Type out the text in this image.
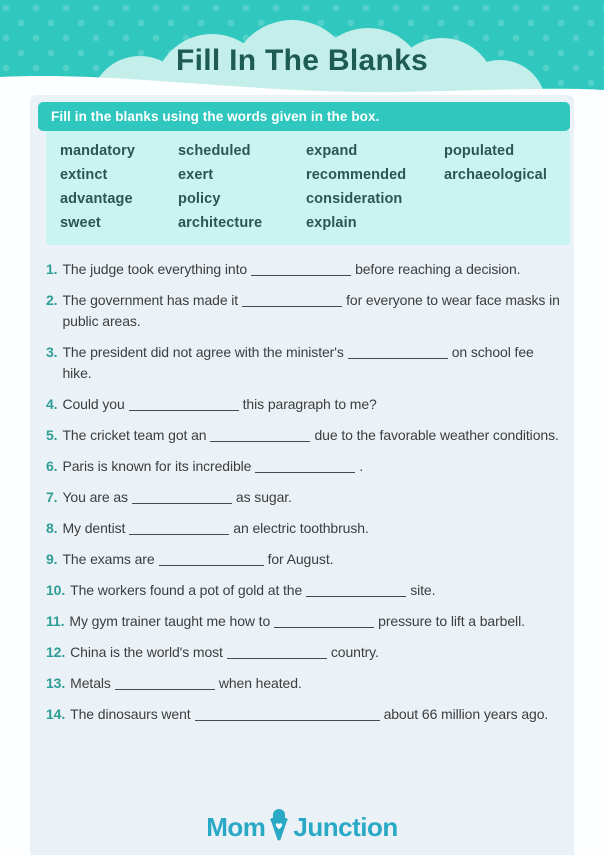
Fill In The Blanks
Fill in the blanks using the words given in the box.
mandatory	scheduled	expand	populated
extinct	exert	recommended	archaeological
advantage	policy	consideration
sweet	architecture	explain
1. The judge took everything into	before reaching a decision.
2. The government has made it	for everyone to wear face masks in public areas.
3. The president did not agree with the minister's	on school fee hike.
4. Could you	this paragraph to me?
5. The cricket team got an	due to the favorable weather conditions.
6. Paris is known for its incredible	.
7. You are as	as sugar.
8. My dentist	an electric toothbrush.
9. The exams are	for August.
10. The workers found a pot of gold at the	site.
11. My gym trainer taught me how to	pressure to lift a barbell.
12. China is the world's most	country.
13. Metals	when heated.
14. The dinosaurs went	about 66 million years ago.
Mom Junction
